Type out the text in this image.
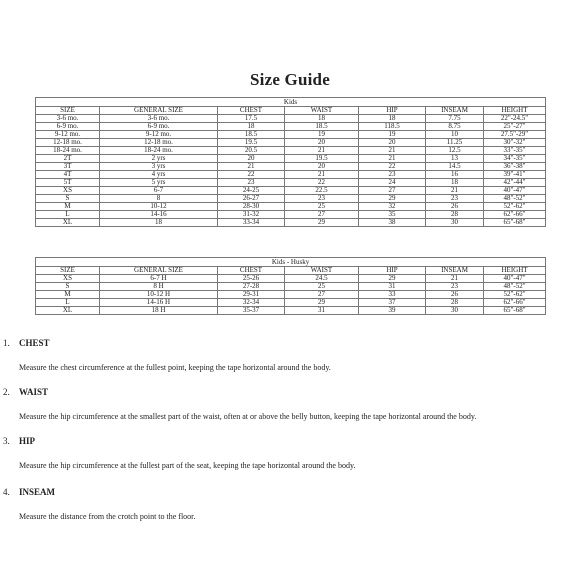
Size Guide
Kids						
SIZE	GENERAL SIZE	CHEST	WAIST	HIP	INSEAM	HEIGHT
3-6 mo.	3-6 mo.	17.5	18	18	7.75	22"-24.5"
6-9 mo.	6-9 mo.	18	18.5	118.5	8.75	25"-27"
9-12 mo.	9-12 mo.	18.5	19	19	10	27.5"-29"
12-18 mo.	12-18 mo.	19.5	20	20	11.25	30"-32"
18-24 mo.	18-24 mo.	20.5	21	21	12.5	33"-35"
2T	2 yrs	20	19.5	21	13	34"-35"
3T	3 yrs	21	20	22	14.5	36"-38"
4T	4 yrs	22	21	23	16	39"-41"
5T	5 yrs	23	22	24	18	42"-44"
XS	6-7	24-25	22.5	27	21	40"-47"
S	8	26-27	23	29	23	48"-52"
M	10-12	28-30	25	32	26	52"-62"
L	14-16	31-32	27	35	28	62"-66"
XL	18	33-34	29	38	30	65"-68"
Kids - Husky						
SIZE	GENERAL SIZE	CHEST	WAIST	HIP	INSEAM	HEIGHT
XS	6-7 H	25-26	24.5	29	21	40"-47"
S	8 H	27-28	25	31	23	48"-52"
M	10-12 H	29-31	27	33	26	52"-62"
L	14-16 H	32-34	29	37	28	62"-66"
XL	18 H	35-37	31	39	30	65"-68"
1. CHEST
Measure the chest circumference at the fullest point, keeping the tape horizontal around the body.
2. WAIST
Measure the hip circumference at the smallest part of the waist, often at or above the belly button, keeping the tape horizontal around the body.
3. HIP
Measure the hip circumference at the fullest part of the seat, keeping the tape horizontal around the body.
4. INSEAM
Measure the distance from the crotch point to the floor.
